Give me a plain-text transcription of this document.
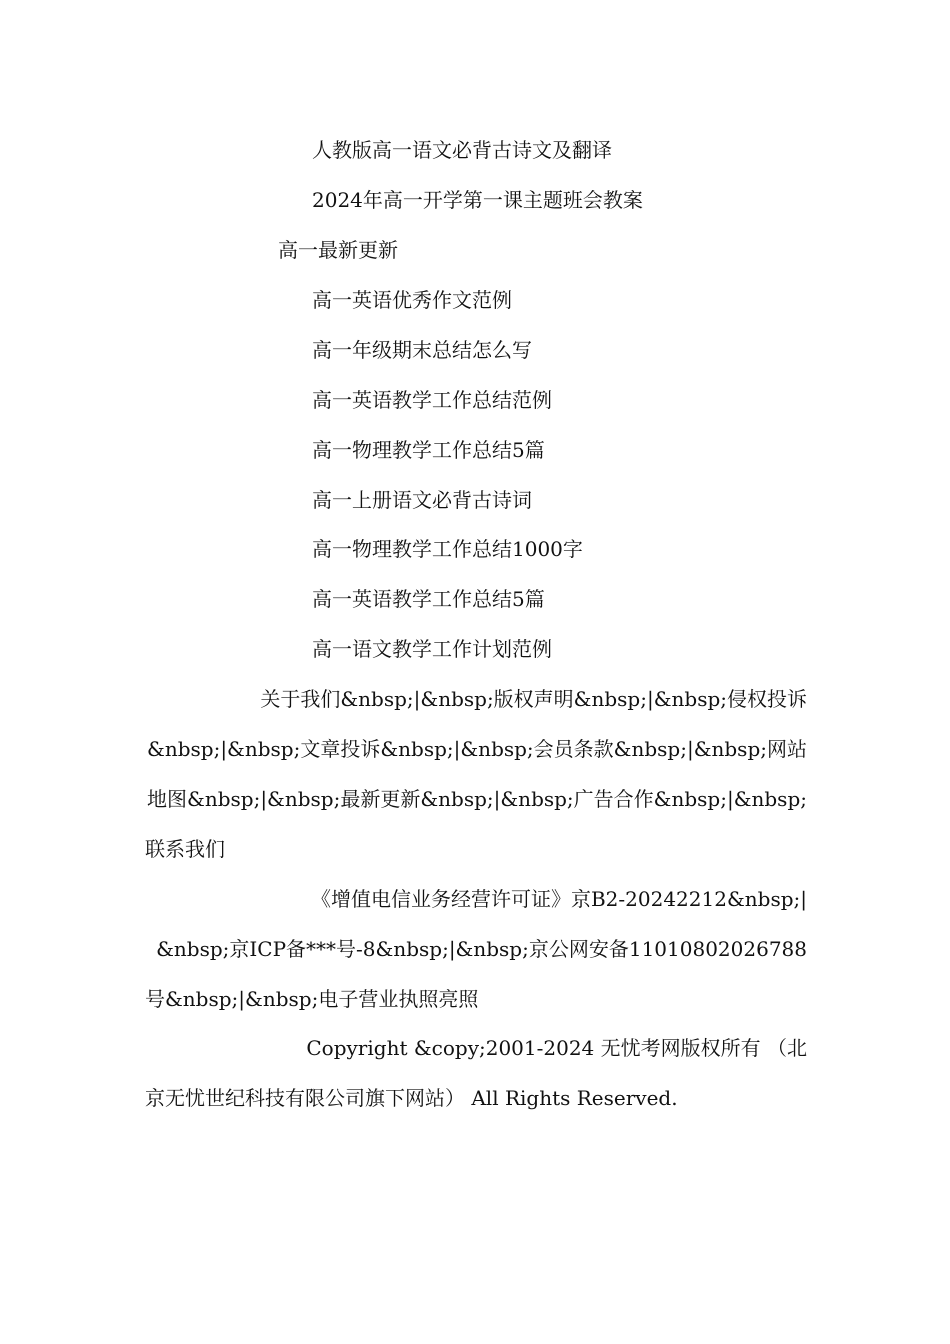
人教版高一语文必背古诗文及翻译
2024年高一开学第一课主题班会教案
高一最新更新
高一英语优秀作文范例
高一年级期末总结怎么写
高一英语教学工作总结范例
高一物理教学工作总结5篇
高一上册语文必背古诗词
高一物理教学工作总结1000字
高一英语教学工作总结5篇
高一语文教学工作计划范例
关于我们&nbsp;|&nbsp;版权声明&nbsp;|&nbsp;侵权投诉
&nbsp;|&nbsp;文章投诉&nbsp;|&nbsp;会员条款&nbsp;|&nbsp;网站
地图&nbsp;|&nbsp;最新更新&nbsp;|&nbsp;广告合作&nbsp;|&nbsp;
联系我们
《增值电信业务经营许可证》京B2-20242212&nbsp;|
&nbsp;京ICP备***号-8&nbsp;|&nbsp;京公网安备11010802026788
号&nbsp;|&nbsp;电子营业执照亮照
Copyright &copy;2001-2024 无忧考网版权所有 （北
京无忧世纪科技有限公司旗下网站） All Rights Reserved.
